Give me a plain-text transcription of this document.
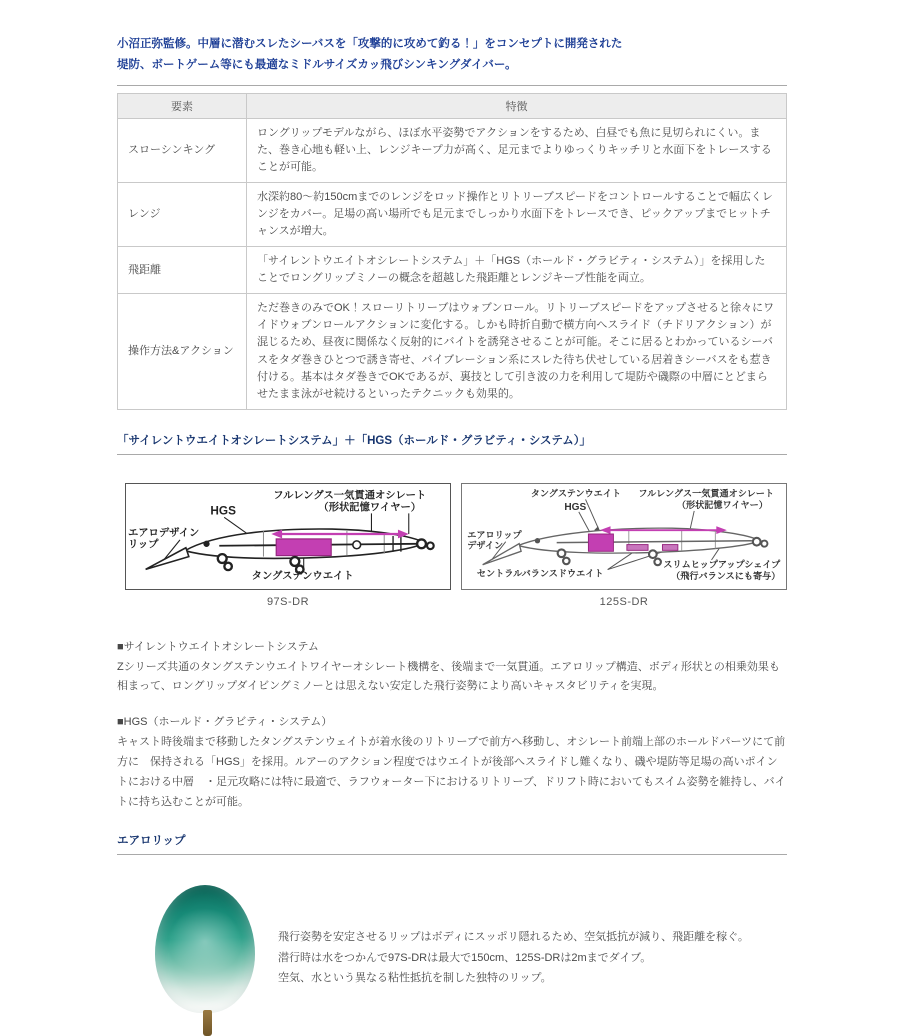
小沼正弥監修。中層に潜むスレたシーバスを「攻撃的に攻めて釣る！」をコンセプトに開発された
堤防、ボートゲーム等にも最適なミドルサイズカッ飛びシンキングダイバー。

要素	特徴
スローシンキング	ロングリップモデルながら、ほぼ水平姿勢でアクションをするため、白昼でも魚に見切られにくい。また、巻き心地も軽い上、レンジキープ力が高く、足元までよりゆっくりキッチリと水面下をトレースすることが可能。
レンジ	水深約80〜約150cmまでのレンジをロッド操作とリトリーブスピードをコントロールすることで幅広くレンジをカバー。足場の高い場所でも足元までしっかり水面下をトレースでき、ピックアップまでヒットチャンスが増大。
飛距離	「サイレントウエイトオシレートシステム」＋「HGS（ホールド・グラビティ・システム）」を採用したことでロングリップミノーの概念を超越した飛距離とレンジキープ性能を両立。
操作方法&アクション	ただ巻きのみでOK！スローリトリーブはウォブンロール。リトリーブスピードをアップさせると徐々にワイドウォブンロールアクションに変化する。しかも時折自動で横方向へスライド（チドリアクション）が混じるため、昼夜に関係なく反射的にバイトを誘発させることが可能。そこに居るとわかっているシーバスをタダ巻きひとつで誘き寄せ、バイブレーション系にスレた待ち伏せしている居着きシーバスをも惹き付ける。基本はタダ巻きでOKであるが、裏技として引き波の力を利用して堤防や磯際の中層にとどまらせたまま泳がせ続けるといったテクニックも効果的。
「サイレントウエイトオシレートシステム」＋「HGS（ホールド・グラビティ・システム）」
フルレングス一気貫通オシレート
（形状記憶ワイヤー）
HGS
エアロデザイン
リップ
タングステンウエイト
97S-DR
タングステンウエイト
HGS
フルレングス一気貫通オシレート
（形状記憶ワイヤー）
エアロリップ
デザイン
セントラルバランスドウエイト
スリムヒップアップシェイプ
（飛行バランスにも寄与）
125S-DR

■サイレントウエイトオシレートシステム

Zシリーズ共通のタングステンウエイトワイヤーオシレート機構を、後端まで一気貫通。エアロリップ構造、ボディ形状との相乗効果も相まって、ロングリップダイビングミノーとは思えない安定した飛行姿勢により高いキャスタビリティを実現。

■HGS（ホールド・グラビティ・システム）

キャスト時後端まで移動したタングステンウェイトが着水後のリトリーブで前方へ移動し、オシレート前端上部のホールドパーツにて前方に　保持される「HGS」を採用。ルアーのアクション程度ではウエイトが後部へスライドし難くなり、磯や堤防等足場の高いポイントにおける中層　・足元攻略には特に最適で、ラフウォーター下におけるリトリーブ、ドリフト時においてもスイム姿勢を維持し、バイトに持ち込むことが可能。

エアロリップ
飛行姿勢を安定させるリップはボディにスッポリ隠れるため、空気抵抗が減り、飛距離を稼ぐ。
潜行時は水をつかんで97S-DRは最大で150cm、125S-DRは2mまでダイブ。
空気、水という異なる粘性抵抗を制した独特のリップ。
